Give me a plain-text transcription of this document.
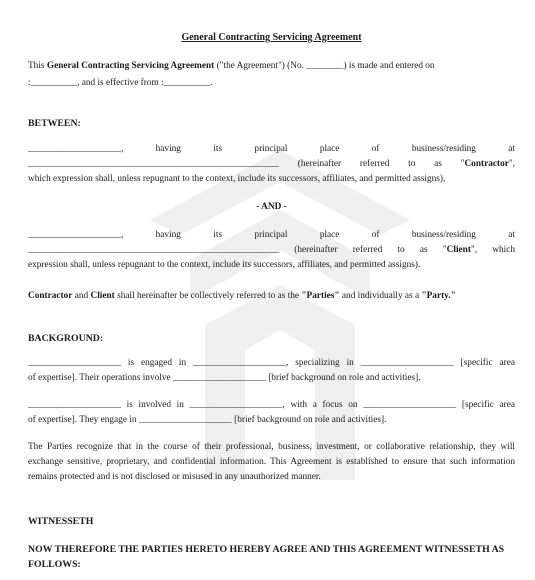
General Contracting Servicing Agreement
This General Contracting Servicing Agreement ("the Agreement") (No. ________) is made and entered on
:__________, and is effective from :__________.
BETWEEN:
____________________, having its principal place of business/residing at
______________________________________________________ (hereinafter referred to as "Contractor",
which expression shall, unless repugnant to the context, include its successors, affiliates, and permitted assigns),
- AND -
____________________, having its principal place of business/residing at
______________________________________________________ (hereinafter referred to as "Client", which
expression shall, unless repugnant to the context, include its successors, affiliates, and permitted assigns).
Contractor and Client shall hereinafter be collectively referred to as the "Parties" and individually as a "Party."
BACKGROUND:
____________________ is engaged in ____________________, specializing in ____________________ [specific area
of expertise]. Their operations involve ____________________ [brief background on role and activities].
____________________ is involved in ____________________, with a focus on ____________________ [specific area
of expertise]. They engage in ____________________ [brief background on role and activities].
The Parties recognize that in the course of their professional, business, investment, or collaborative relationship, they will exchange sensitive, proprietary, and confidential information. This Agreement is established to ensure that such information remains protected and is not disclosed or misused in any unauthorized manner.
WITNESSETH
NOW THEREFORE THE PARTIES HERETO HEREBY AGREE AND THIS AGREEMENT WITNESSETH AS
FOLLOWS:
